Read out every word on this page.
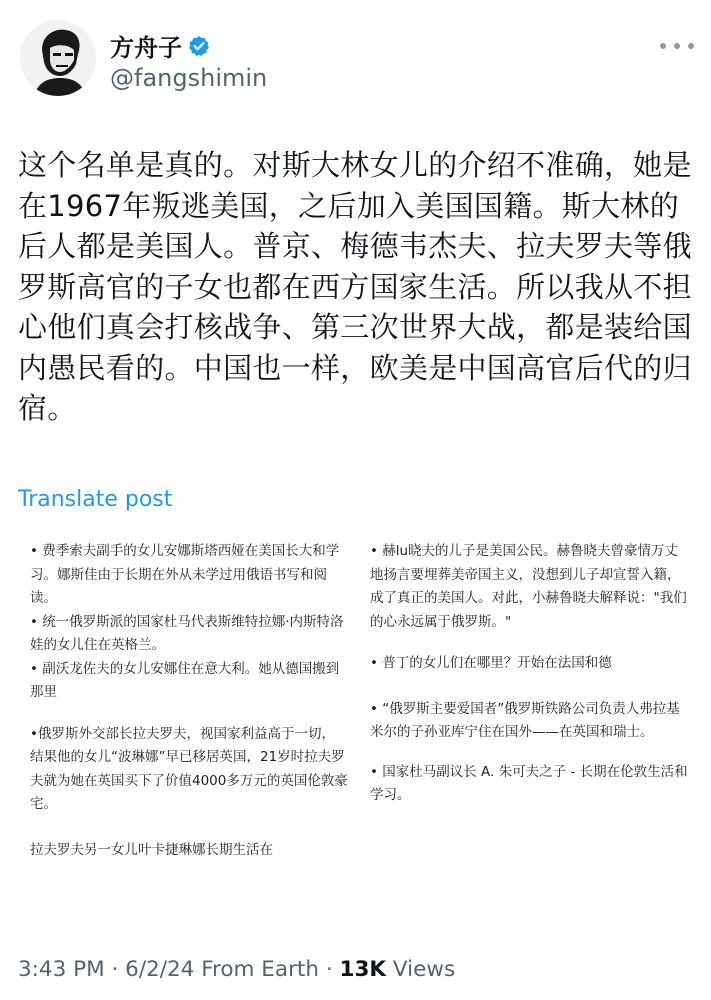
方舟子
@fangshimin
这个名单是真的。对斯大林女儿的介绍不准确，她是在1967年叛逃美国，之后加入美国国籍。斯大林的后人都是美国人。普京、梅德韦杰夫、拉夫罗夫等俄罗斯高官的子女也都在西方国家生活。所以我从不担心他们真会打核战争、第三次世界大战，都是装给国内愚民看的。中国也一样，欧美是中国高官后代的归宿。
Translate post

• 费季索夫副手的女儿安娜斯塔西娅在美国长大和学习。娜斯佳由于长期在外从未学过用俄语书写和阅读。

• 统一俄罗斯派的国家杜马代表斯维特拉娜·内斯特洛娃的女儿住在英格兰。

• 副沃龙佐夫的女儿安娜住在意大利。她从德国搬到那里

•俄罗斯外交部长拉夫罗夫，视国家利益高于一切，结果他的女儿“波琳娜”早已移居英国，21岁时拉夫罗夫就为她在英国买下了价值4000多万元的英国伦敦豪宅。

拉夫罗夫另一女儿叶卡捷琳娜长期生活在

• 赫lu晓夫的儿子是美国公民。赫鲁晓夫曾豪情万丈地扬言要埋葬美帝国主义，没想到儿子却宣誓入籍，成了真正的美国人。对此，小赫鲁晓夫解释说："我们的心永远属于俄罗斯。"

• 普丁的女儿们在哪里？开始在法国和德

• “俄罗斯主要爱国者”俄罗斯铁路公司负责人弗拉基米尔的子孙亚库宁住在国外——在英国和瑞士。

• 国家杜马副议长 A. 朱可夫之子 - 长期在伦敦生活和学习。

3:43 PM · 6/2/24 From Earth · 13K Views
